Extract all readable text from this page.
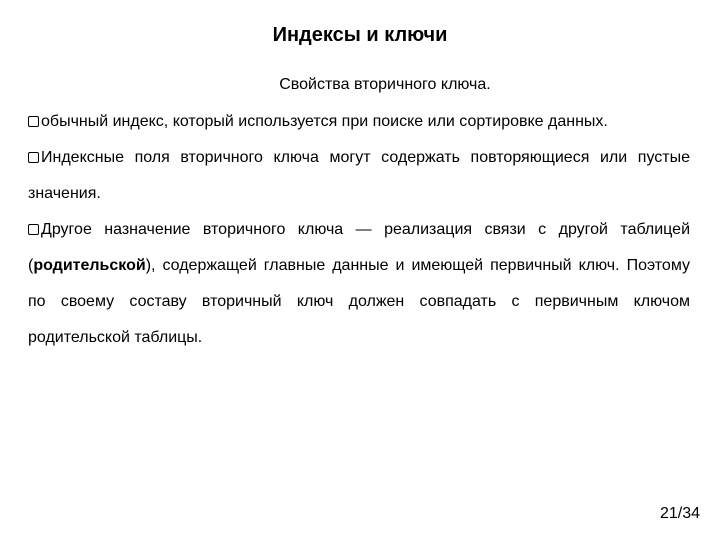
Индексы и ключи
Свойства вторичного ключа.

обычный индекс, который используется при поиске или сортировке данных.

Индексные поля вторичного ключа могут содержать повторяющиеся или пустые значения.

Другое назначение вторичного ключа — реализация связи с другой таблицей (родительской), содержащей главные данные и имеющей первичный ключ. Поэтому по своему составу вторичный ключ должен совпадать с первичным ключом родительской таблицы.

21/34
